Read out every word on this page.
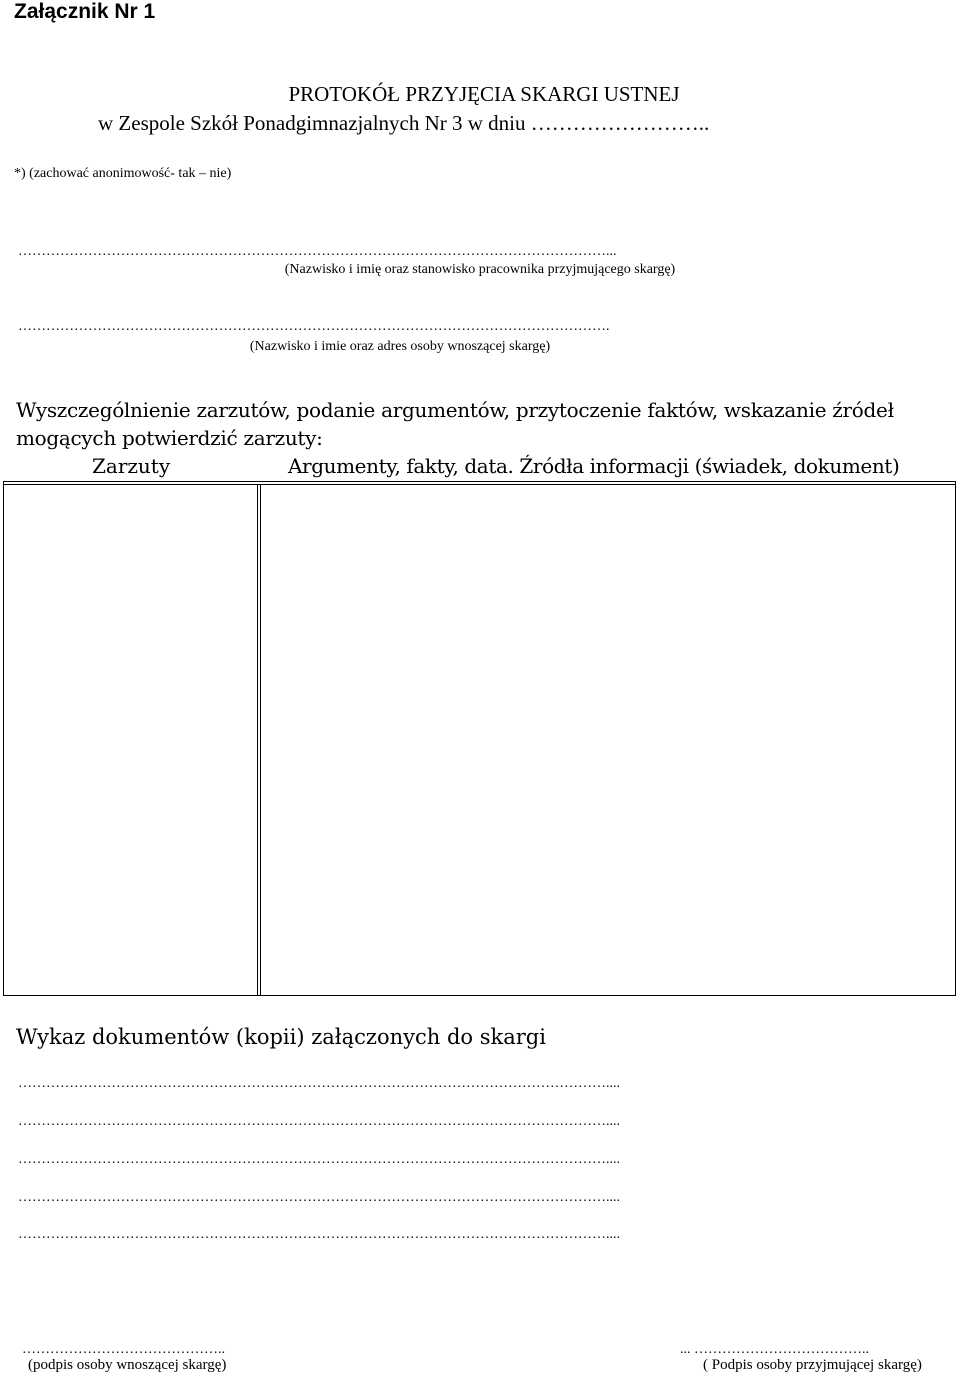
Załącznik Nr 1
PROTOKÓŁ PRZYJĘCIA SKARGI USTNEJ
w Zespole Szkół Ponadgimnazjalnych Nr 3 w dniu ……………………..
*) (zachować anonimowość- tak – nie)
………………………………………………………………………………………………………………...
(Nazwisko i imię oraz stanowisko pracownika przyjmującego skargę)
……………………………………………………………………………………………………………….
(Nazwisko i imie oraz adres osoby wnoszącej skargę)
Wyszczególnienie zarzutów, podanie argumentów, przytoczenie faktów, wskazanie źródeł mogących potwierdzić zarzuty:
Zarzuty	Argumenty, fakty, data. Źródła informacji (świadek, dokument)
Wykaz dokumentów (kopii) załączonych do skargi
………………………………………………………………………………………………………………....
………………………………………………………………………………………………………………....
………………………………………………………………………………………………………………....
………………………………………………………………………………………………………………....
………………………………………………………………………………………………………………....
……………………………………..	... ………………………………..
(podpis osoby wnoszącej skargę)	( Podpis osoby przyjmującej skargę)
